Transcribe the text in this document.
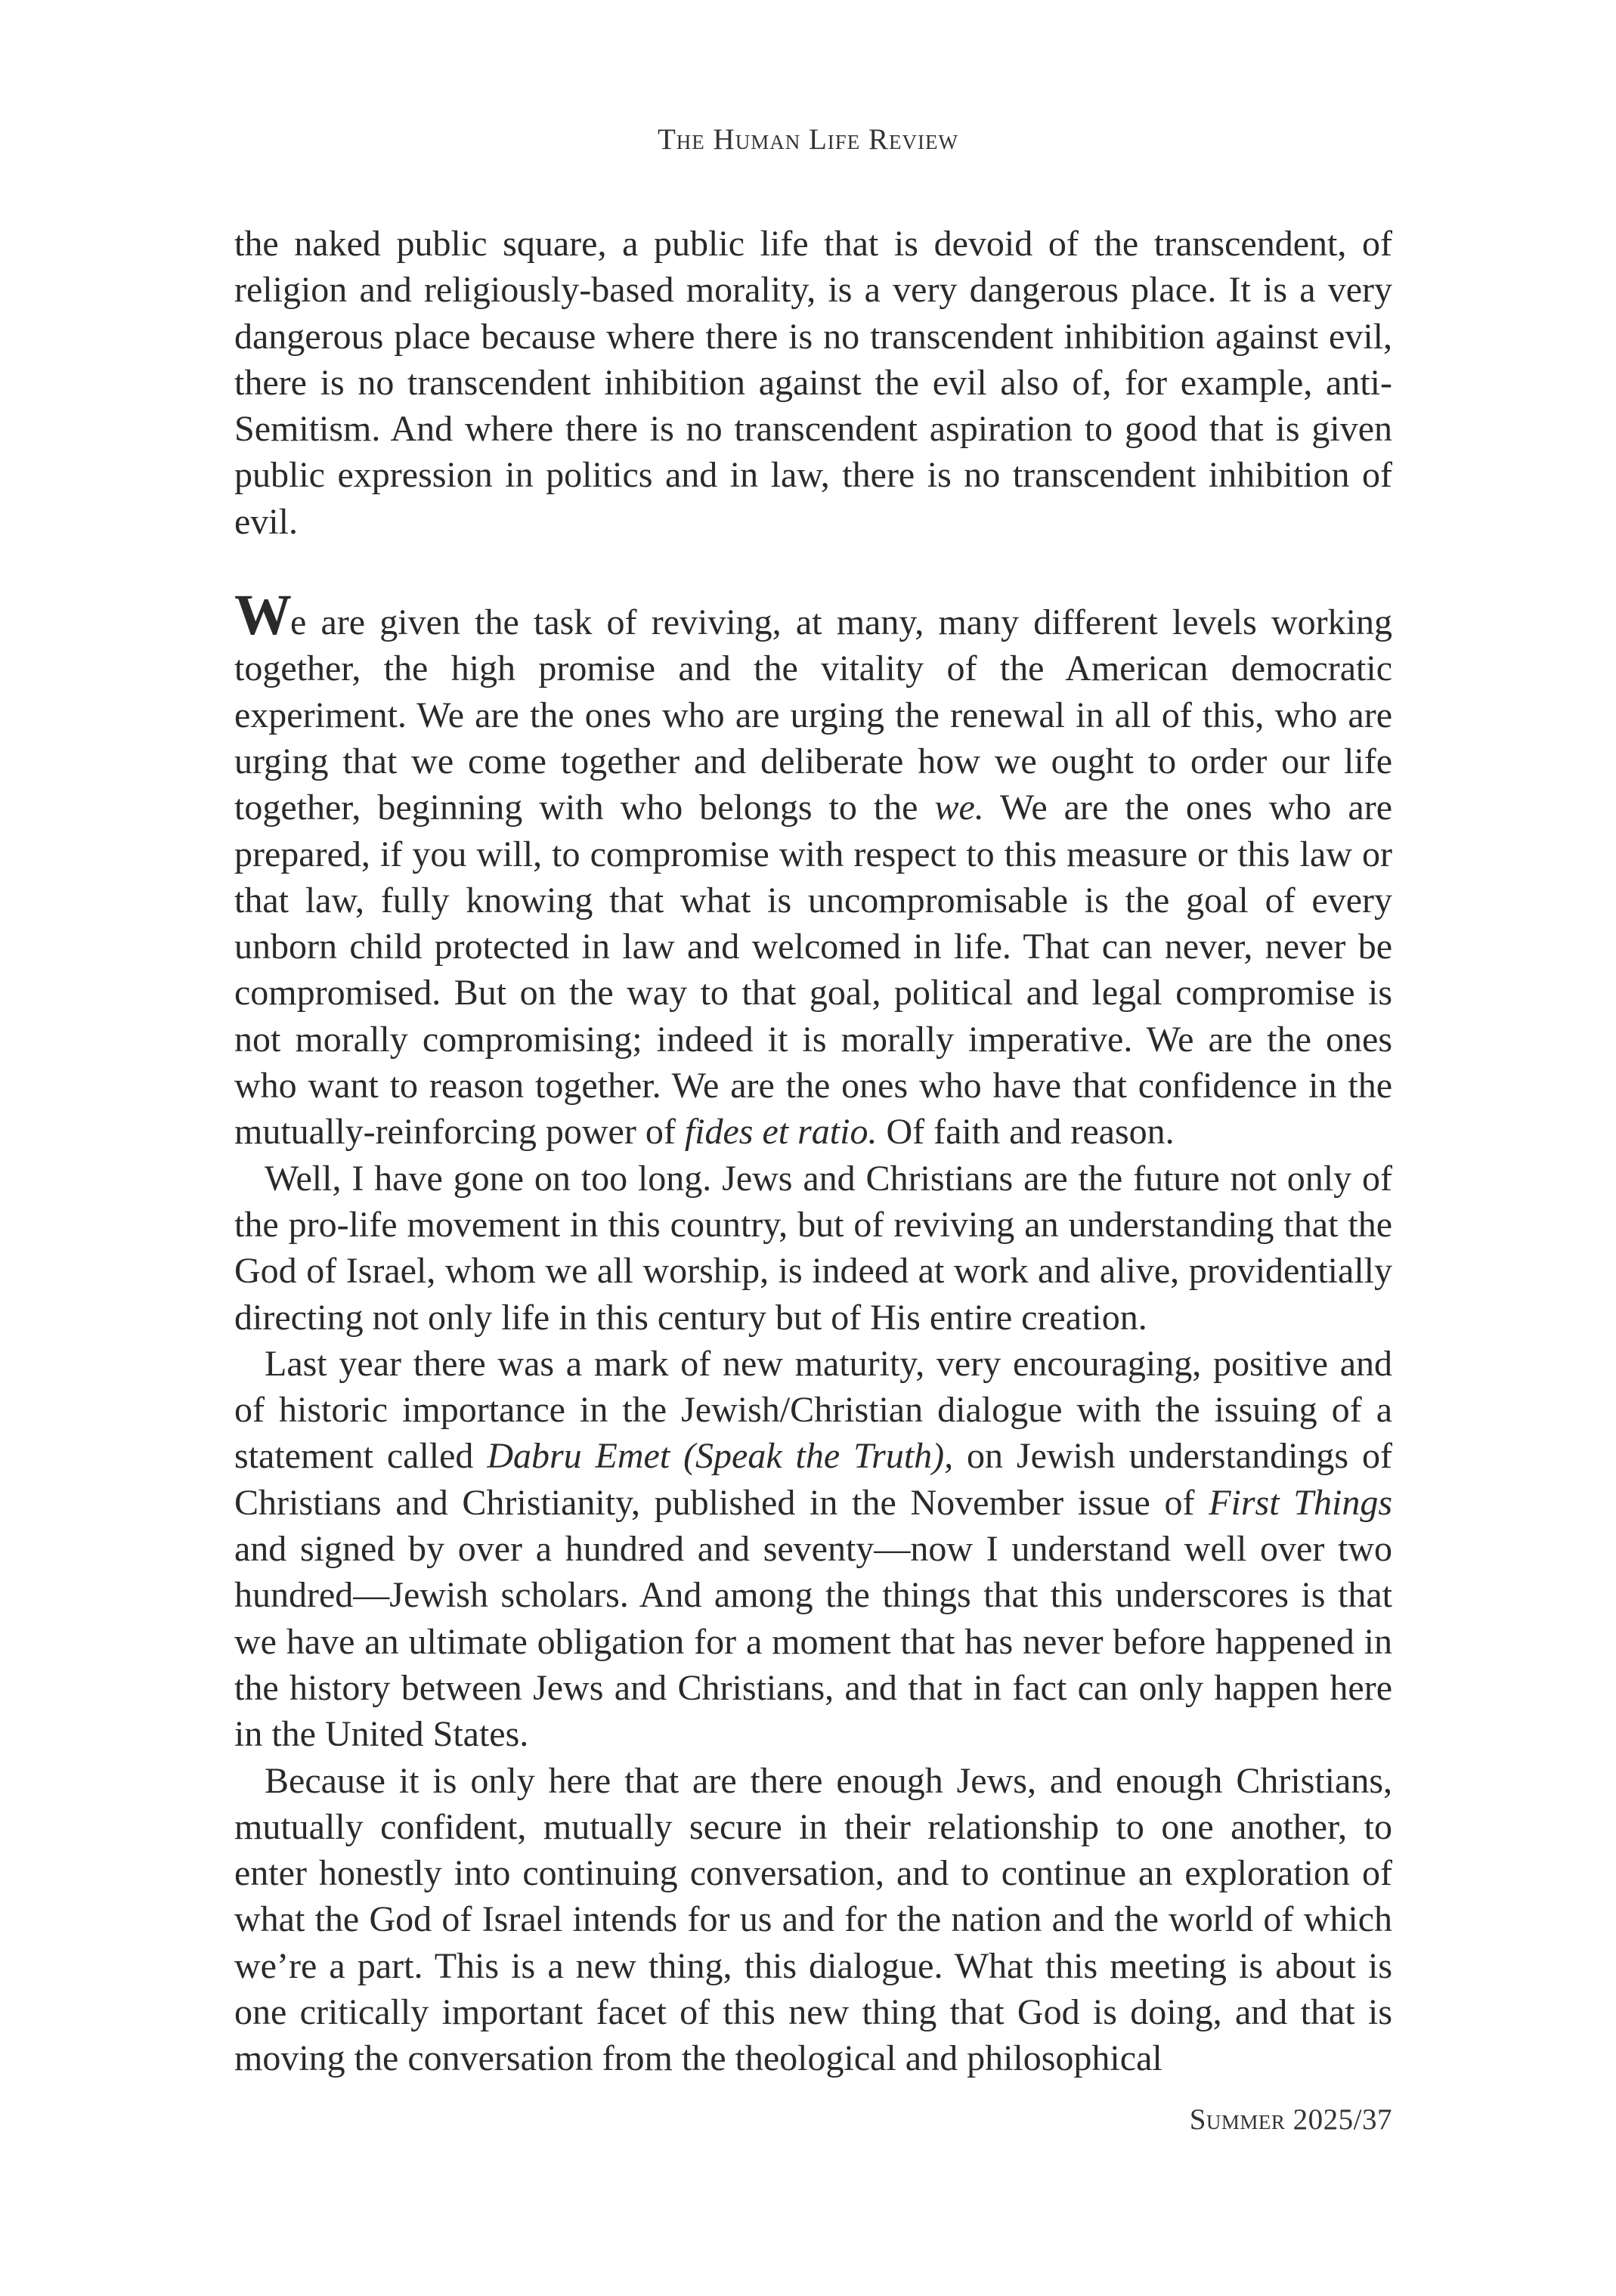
The Human Life Review

the naked public square, a public life that is devoid of the transcendent, of religion and religiously-based morality, is a very dangerous place. It is a very dangerous place because where there is no transcendent inhibition against evil, there is no transcendent inhibition against the evil also of, for example, anti-Semitism. And where there is no transcendent aspiration to good that is given public expression in politics and in law, there is no transcendent inhibition of evil.

We are given the task of reviving, at many, many different levels working together, the high promise and the vitality of the American democratic experiment. We are the ones who are urging the renewal in all of this, who are urging that we come together and deliberate how we ought to order our life together, beginning with who belongs to the we. We are the ones who are prepared, if you will, to compromise with respect to this measure or this law or that law, fully knowing that what is uncompromisable is the goal of every unborn child protected in law and welcomed in life. That can never, never be compromised. But on the way to that goal, political and legal compromise is not morally compromising; indeed it is morally imperative. We are the ones who want to reason together. We are the ones who have that confidence in the mutually-reinforcing power of fides et ratio. Of faith and reason.

Well, I have gone on too long. Jews and Christians are the future not only of the pro-life movement in this country, but of reviving an understanding that the God of Israel, whom we all worship, is indeed at work and alive, providentially directing not only life in this century but of His entire creation.

Last year there was a mark of new maturity, very encouraging, positive and of historic importance in the Jewish/Christian dialogue with the issuing of a statement called Dabru Emet (Speak the Truth), on Jewish understandings of Christians and Christianity, published in the November issue of First Things and signed by over a hundred and seventy—now I understand well over two hundred—Jewish scholars. And among the things that this underscores is that we have an ultimate obligation for a moment that has never before happened in the history between Jews and Christians, and that in fact can only happen here in the United States.

Because it is only here that are there enough Jews, and enough Christians, mutually confident, mutually secure in their relationship to one another, to enter honestly into continuing conversation, and to continue an exploration of what the God of Israel intends for us and for the nation and the world of which we’re a part. This is a new thing, this dialogue. What this meeting is about is one critically important facet of this new thing that God is doing, and that is moving the conversation from the theological and philosophical

Summer 2025/37
